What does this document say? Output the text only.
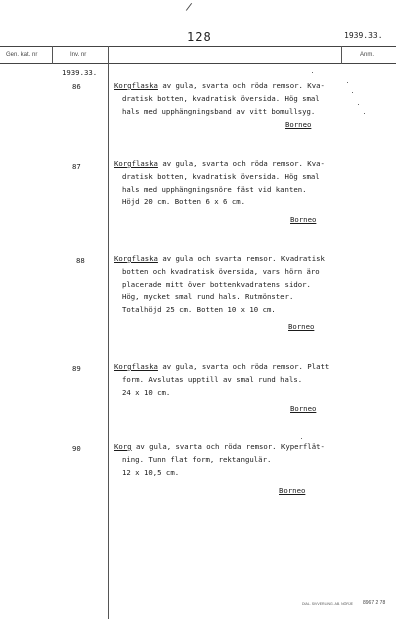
/
128	1939.33.
Gen. kat. nr	Inv. nr	Anm.
1939.33.
86	Korgflaska av gula, svarta och röda remsor. Kva-
dratisk botten, kvadratisk översida. Hög smal
hals med upphängningsband av vitt bomullsyg.
Borneo
87	Korgflaska av gula, svarta och röda remsor. Kva-
dratisk botten, kvadratisk översida. Hög smal
hals med upphängningsnöre fäst vid kanten.
Höjd 20 cm. Botten 6 x 6 cm.
Borneo
88	Korgflaska av gula och svarta remsor. Kvadratisk
botten och kvadratisk översida, vars hörn äro
placerade mitt över bottenkvadratens sidor.
Hög, mycket smal rund hals. Rutmönster.
Totalhöjd 25 cm. Botten 10 x 10 cm.
Borneo
89	Korgflaska av gula, svarta och röda remsor. Platt
form. Avslutas upptill av smal rund hals.
24 x 10 cm.
Borneo
90	Korg av gula, svarta och röda remsor. Kyperflät-
ning. Tunn flat form, rektangulär.
12 x 10,5 cm.
Borneo
DIAL. SIVVERLING. AB. NÖRJE 8967 2 78
